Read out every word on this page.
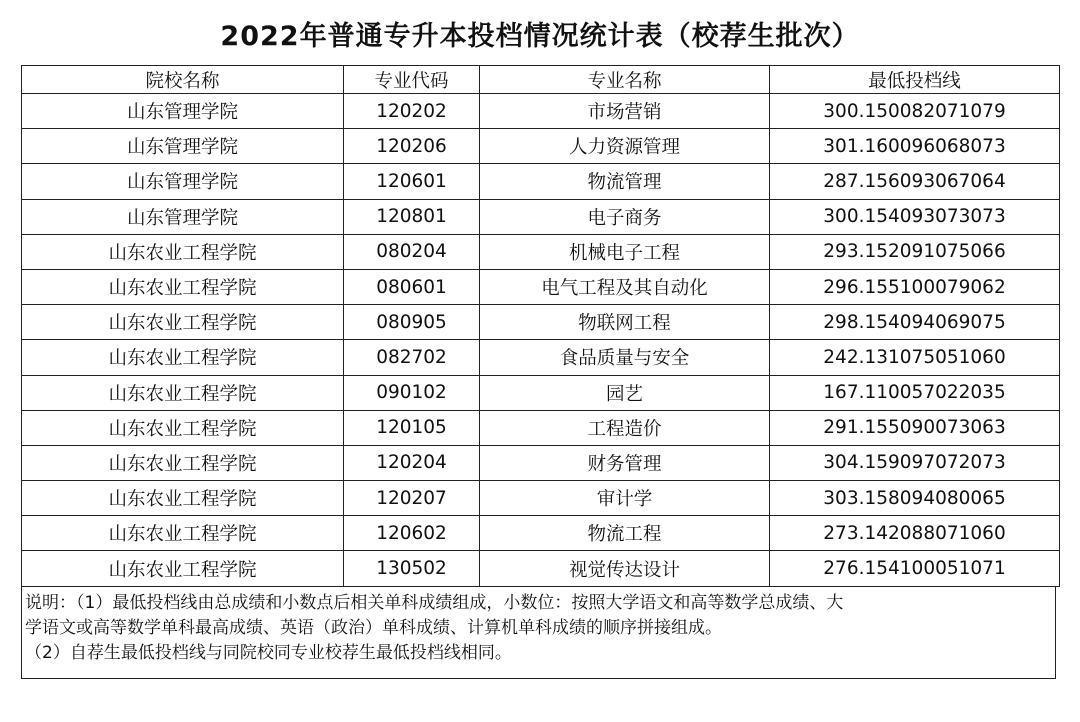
2022年普通专升本投档情况统计表（校荐生批次）
院校名称	专业代码	专业名称	最低投档线
山东管理学院	120202	市场营销	300.150082071079
山东管理学院	120206	人力资源管理	301.160096068073
山东管理学院	120601	物流管理	287.156093067064
山东管理学院	120801	电子商务	300.154093073073
山东农业工程学院	080204	机械电子工程	293.152091075066
山东农业工程学院	080601	电气工程及其自动化	296.155100079062
山东农业工程学院	080905	物联网工程	298.154094069075
山东农业工程学院	082702	食品质量与安全	242.131075051060
山东农业工程学院	090102	园艺	167.110057022035
山东农业工程学院	120105	工程造价	291.155090073063
山东农业工程学院	120204	财务管理	304.159097072073
山东农业工程学院	120207	审计学	303.158094080065
山东农业工程学院	120602	物流工程	273.142088071060
山东农业工程学院	130502	视觉传达设计	276.154100051071

说明：（1）最低投档线由总成绩和小数点后相关单科成绩组成，小数位：按照大学语文和高等数学总成绩、大

学语文或高等数学单科最高成绩、英语（政治）单科成绩、计算机单科成绩的顺序拼接组成。

（2）自荐生最低投档线与同院校同专业校荐生最低投档线相同。
